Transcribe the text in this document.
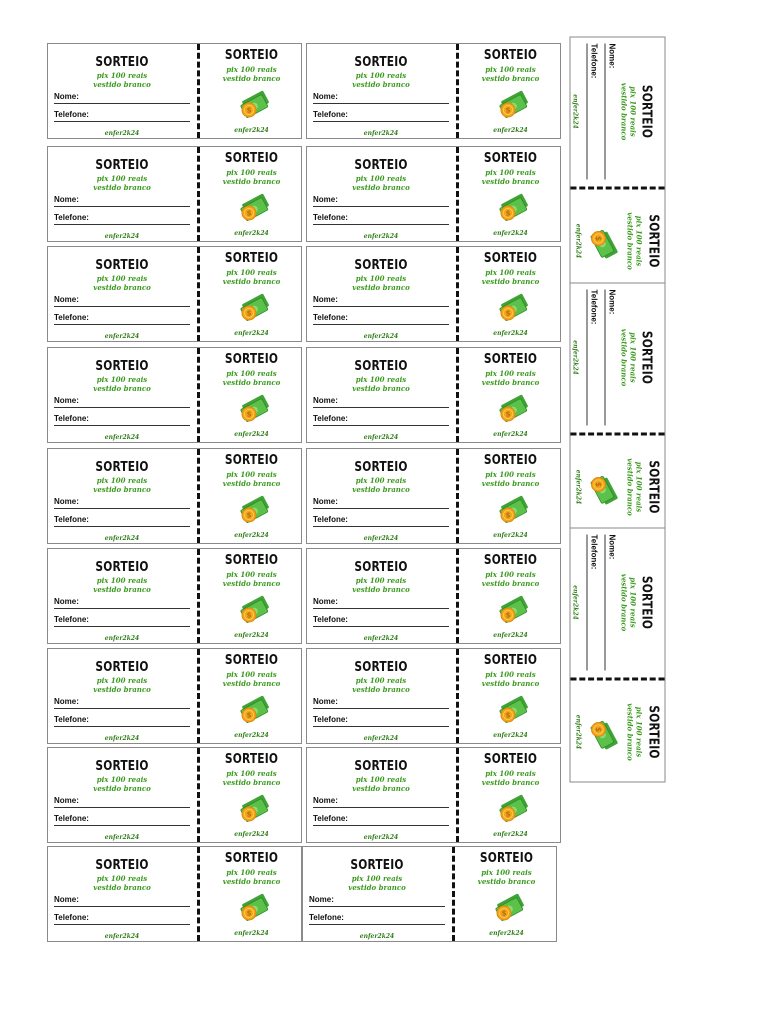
SORTEIO
pix 100 reais
vestido branco
Nome:
Telefone:
enfer2k24
SORTEIO
pix 100 reais
vestido branco
$
enfer2k24
SORTEIO
pix 100 reais
vestido branco
Nome:
Telefone:
enfer2k24
SORTEIO
pix 100 reais
vestido branco
$
enfer2k24
SORTEIO
pix 100 reais
vestido branco
Nome:
Telefone:
enfer2k24
SORTEIO
pix 100 reais
vestido branco
$
enfer2k24
SORTEIO
pix 100 reais
vestido branco
Nome:
Telefone:
enfer2k24
SORTEIO
pix 100 reais
vestido branco
$
enfer2k24
SORTEIO
pix 100 reais
vestido branco
Nome:
Telefone:
enfer2k24
SORTEIO
pix 100 reais
vestido branco
$
enfer2k24
SORTEIO
pix 100 reais
vestido branco
Nome:
Telefone:
enfer2k24
SORTEIO
pix 100 reais
vestido branco
$
enfer2k24
SORTEIO
pix 100 reais
vestido branco
Nome:
Telefone:
enfer2k24
SORTEIO
pix 100 reais
vestido branco
$
enfer2k24
SORTEIO
pix 100 reais
vestido branco
Nome:
Telefone:
enfer2k24
SORTEIO
pix 100 reais
vestido branco
$
enfer2k24
SORTEIO
pix 100 reais
vestido branco
Nome:
Telefone:
enfer2k24
SORTEIO
pix 100 reais
vestido branco
$
enfer2k24
SORTEIO
pix 100 reais
vestido branco
Nome:
Telefone:
enfer2k24
SORTEIO
pix 100 reais
vestido branco
$
enfer2k24
SORTEIO
pix 100 reais
vestido branco
Nome:
Telefone:
enfer2k24
SORTEIO
pix 100 reais
vestido branco
$
enfer2k24
SORTEIO
pix 100 reais
vestido branco
Nome:
Telefone:
enfer2k24
SORTEIO
pix 100 reais
vestido branco
$
enfer2k24
SORTEIO
pix 100 reais
vestido branco
Nome:
Telefone:
enfer2k24
SORTEIO
pix 100 reais
vestido branco
$
enfer2k24
SORTEIO
pix 100 reais
vestido branco
Nome:
Telefone:
enfer2k24
SORTEIO
pix 100 reais
vestido branco
$
enfer2k24
SORTEIO
pix 100 reais
vestido branco
Nome:
Telefone:
enfer2k24
SORTEIO
pix 100 reais
vestido branco
$
enfer2k24
SORTEIO
pix 100 reais
vestido branco
Nome:
Telefone:
enfer2k24
SORTEIO
pix 100 reais
vestido branco
$
enfer2k24
SORTEIO
pix 100 reais
vestido branco
Nome:
Telefone:
enfer2k24
SORTEIO
pix 100 reais
vestido branco
$
enfer2k24
SORTEIO
pix 100 reais
vestido branco
Nome:
Telefone:
enfer2k24
SORTEIO
pix 100 reais
vestido branco
$
enfer2k24
SORTEIO
pix 100 reais
vestido branco
Nome:
Telefone:
enfer2k24
SORTEIO
pix 100 reais
vestido branco
$
enfer2k24
SORTEIO
pix 100 reais
vestido branco
Nome:
Telefone:
enfer2k24
SORTEIO
pix 100 reais
vestido branco
$
enfer2k24
SORTEIO
pix 100 reais
vestido branco
Nome:
Telefone:
enfer2k24
SORTEIO
pix 100 reais
vestido branco
$
enfer2k24
